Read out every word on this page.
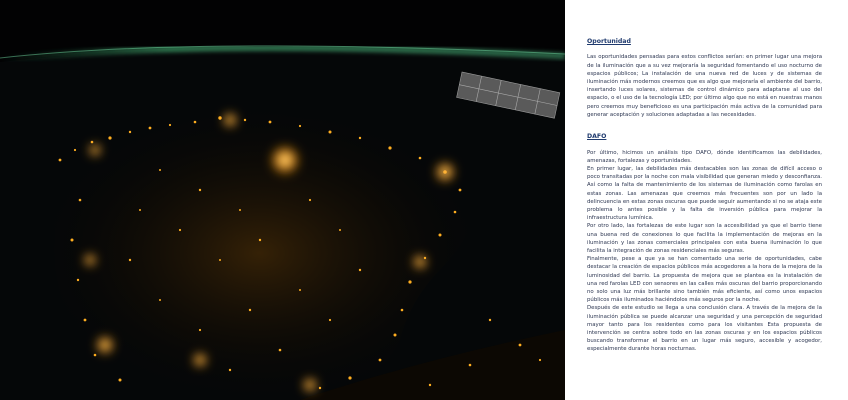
Oportunidad

Las oportunidades pensadas para estos conflictos serían: en primer lugar una mejora de la iluminación que a su vez mejoraría la seguridad fomentando el uso nocturno de espacios públicos; La instalación de una nueva red de luces y de sistemas de iluminación más modernos creemos que es algo que mejoraría el ambiente del barrio, insertando luces solares, sistemas de control dinámico para adaptarse al uso del espacio, o el uso de la tecnología LED; por último algo que no está en nuestras manos pero creemos muy beneficioso es una participación más activa de la comunidad para generar aceptación y soluciones adaptadas a las necesidades.

DAFO

Por último, hicimos un análisis tipo DAFO, dónde identificamos las debilidades, amenazas, fortalezas y oportunidades.

En primer lugar, las debilidades más destacables son las zonas de difícil acceso o poco transitadas por la noche con mala visibilidad que generan miedo y desconfianza. Así como la falta de mantenimiento de los sistemas de iluminación como farolas en estas zonas. Las amenazas que creemos más frecuentes son por un lado la delincuencia en estas zonas oscuras que puede seguir aumentando si no se ataja este problema lo antes posible y la falta de inversión pública para mejorar la infraestructura lumínica.

Por otro lado, las fortalezas de este lugar son la accesibilidad ya que el barrio tiene una buena red de conexiones lo que facilita la implementación de mejoras en la iluminación y las zonas comerciales principales con esta buena iluminación lo que facilita la integración de zonas residenciales más seguras.

Finalmente, pese a que ya se han comentado una serie de oportunidades, cabe destacar la creación de espacios públicos más acogedores a la hora de la mejora de la luminosidad del barrio. La propuesta de mejora que se plantea es la instalación de una red farolas LED con sensores en las calles más oscuras del barrio proporcionando no solo una luz más brillante sino también más eficiente, así como unos espacios públicos más iluminados haciéndolos más seguros por la noche.

Después de este estudio se llega a una conclusión clara. A través de la mejora de la iluminación pública se puede alcanzar una seguridad y una percepción de seguridad mayor tanto para los residentes como para los visitantes Esta propuesta de intervención se centra sobre todo en las zonas oscuras y en los espacios públicos buscando transformar el barrio en un lugar más seguro, accesible y acogedor, especialmente durante horas nocturnas.
